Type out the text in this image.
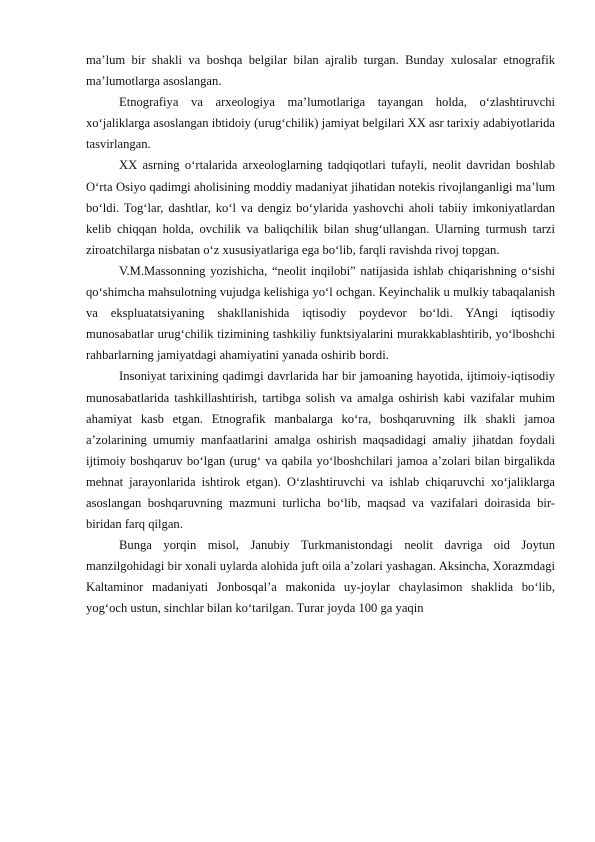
ma’lum bir shakli va boshqa belgilar bilan ajralib turgan. Bunday xulosalar etnografik ma’lumotlarga asoslangan.

Etnografiya va arxeologiya ma’lumotlariga tayangan holda, o‘zlashtiruvchi xo‘jaliklarga asoslangan ibtidoiy (urug‘chilik) jamiyat belgilari XX asr tarixiy adabiyotlarida tasvirlangan.

XX asrning o‘rtalarida arxeologlarning tadqiqotlari tufayli, neolit davridan boshlab O‘rta Osiyo qadimgi aholisining moddiy madaniyat jihatidan notekis rivojlanganligi ma’lum bo‘ldi. Tog‘lar, dashtlar, ko‘l va dengiz bo‘ylarida yashovchi aholi tabiiy imkoniyatlardan kelib chiqqan holda, ovchilik va baliqchilik bilan shug‘ullangan. Ularning turmush tarzi ziroatchilarga nisbatan o‘z xususiyatlariga ega bo‘lib, farqli ravishda rivoj topgan.

V.M.Massonning yozishicha, “neolit inqilobi” natijasida ishlab chiqarishning o‘sishi qo‘shimcha mahsulotning vujudga kelishiga yo‘l ochgan. Keyinchalik u mulkiy tabaqalanish va ekspluatatsiyaning shakllanishida iqtisodiy poydevor bo‘ldi. YAngi iqtisodiy munosabatlar urug‘chilik tizimining tashkiliy funktsiyalarini murakkablashtirib, yo‘lboshchi rahbarlarning jamiyatdagi ahamiyatini yanada oshirib bordi.

Insoniyat tarixining qadimgi davrlarida har bir jamoaning hayotida, ijtimoiy-iqtisodiy munosabatlarida tashkillashtirish, tartibga solish va amalga oshirish kabi vazifalar muhim ahamiyat kasb etgan. Etnografik manbalarga ko‘ra, boshqaruvning ilk shakli jamoa a’zolarining umumiy manfaatlarini amalga oshirish maqsadidagi amaliy jihatdan foydali ijtimoiy boshqaruv bo‘lgan (urug‘ va qabila yo‘lboshchilari jamoa a’zolari bilan birgalikda mehnat jarayonlarida ishtirok etgan). O‘zlashtiruvchi va ishlab chiqaruvchi xo‘jaliklarga asoslangan boshqaruvning mazmuni turlicha bo‘lib, maqsad va vazifalari doirasida bir-biridan farq qilgan.

Bunga yorqin misol, Janubiy Turkmanistondagi neolit davriga oid Joytun manzilgohidagi bir xonali uylarda alohida juft oila a’zolari yashagan. Aksincha, Xorazmdagi Kaltaminor madaniyati Jonbosqal’a makonida uy-joylar chaylasimon shaklida bo‘lib, yog‘och ustun, sinchlar bilan ko‘tarilgan. Turar joyda 100 ga yaqin
